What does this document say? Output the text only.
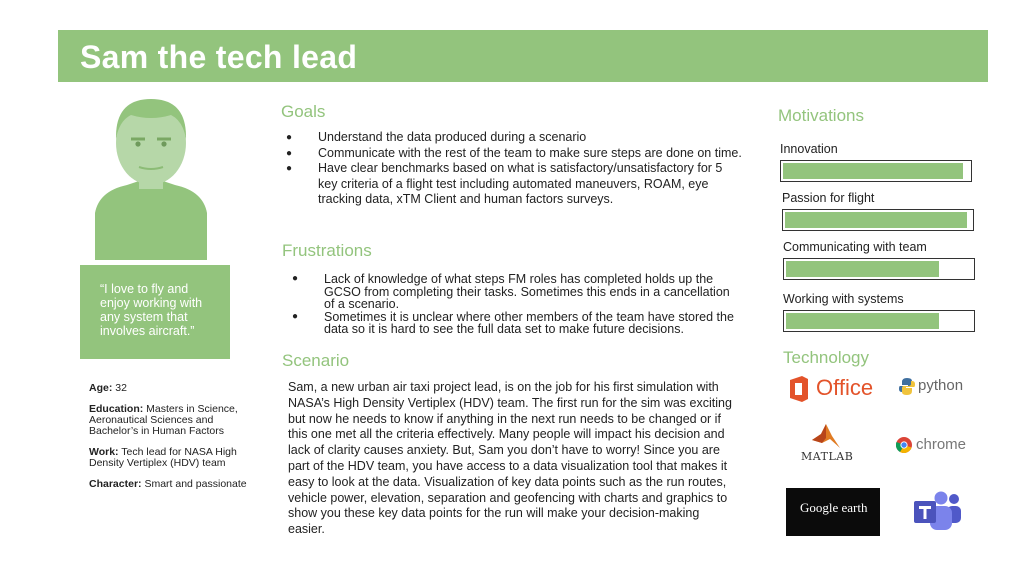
Sam the tech lead

“I love to fly and enjoy working with any system that involves aircraft.”

Age: 32
Education: Masters in Science, Aeronautical Sciences and Bachelor’s in Human Factors
Work: Tech lead for NASA High Density Vertiplex (HDV) team
Character: Smart and passionate
Goals
● Understand the data produced during a scenario
● Communicate with the rest of the team to make sure steps are done on time.
● Have clear benchmarks based on what is satisfactory/unsatisfactory for 5 key criteria of a flight test including automated maneuvers, ROAM, eye tracking data, xTM Client and human factors surveys.
Frustrations
● Lack of knowledge of what steps FM roles has completed holds up the GCSO from completing their tasks. Sometimes this ends in a cancellation of a scenario.
● Sometimes it is unclear where other members of the team have stored the data so it is hard to see the full data set to make future decisions.
Scenario

Sam, a new urban air taxi project lead, is on the job for his first simulation with NASA’s High Density Vertiplex (HDV) team. The first run for the sim was exciting but now he needs to know if anything in the next run needs to be changed or if this one met all the criteria effectively. Many people will impact his decision and lack of clarity causes anxiety. But, Sam you don’t have to worry! Since you are part of the HDV team, you have access to a data visualization tool that makes it easy to look at the data. Visualization of key data points such as the run routes, vehicle power, elevation, separation and geofencing with charts and graphics to show you these key data points for the run will make your decision-making easier.

Motivations
Innovation
Passion for flight
Communicating with team
Working with systems
Technology
Office	python
MATLAB
chrome
Google earth
